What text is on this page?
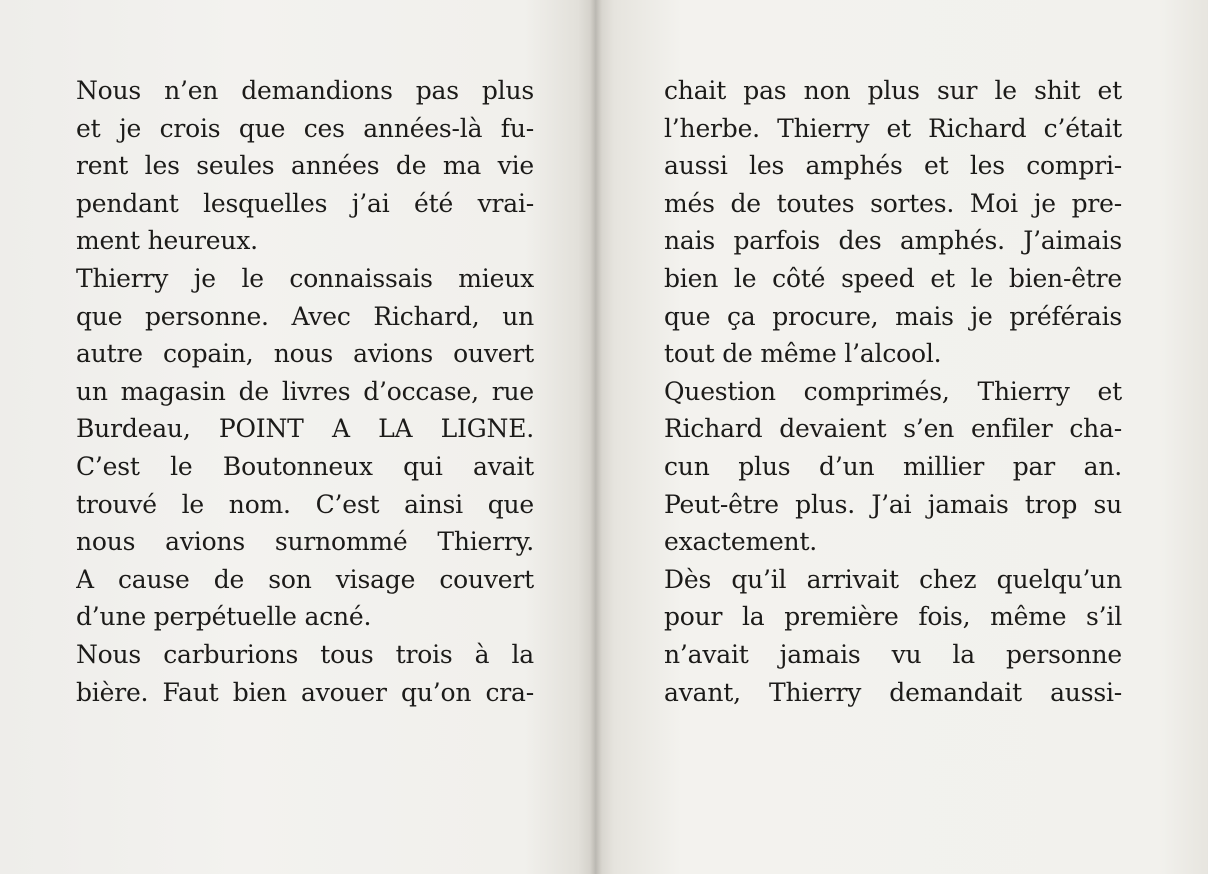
Nous n’en demandions pas plus
et je crois que ces années-là fu-
rent les seules années de ma vie
pendant lesquelles j’ai été vrai-
ment heureux.
Thierry je le connaissais mieux
que personne. Avec Richard, un
autre copain, nous avions ouvert
un magasin de livres d’occase, rue
Burdeau, POINT A LA LIGNE.
C’est le Boutonneux qui avait
trouvé le nom. C’est ainsi que
nous avions surnommé Thierry.
A cause de son visage couvert
d’une perpétuelle acné.
Nous carburions tous trois à la
bière. Faut bien avouer qu’on cra-
chait pas non plus sur le shit et
l’herbe. Thierry et Richard c’était
aussi les amphés et les compri-
més de toutes sortes. Moi je pre-
nais parfois des amphés. J’aimais
bien le côté speed et le bien-être
que ça procure, mais je préférais
tout de même l’alcool.
Question comprimés, Thierry et
Richard devaient s’en enfiler cha-
cun plus d’un millier par an.
Peut-être plus. J’ai jamais trop su
exactement.
Dès qu’il arrivait chez quelqu’un
pour la première fois, même s’il
n’avait jamais vu la personne
avant, Thierry demandait aussi-
